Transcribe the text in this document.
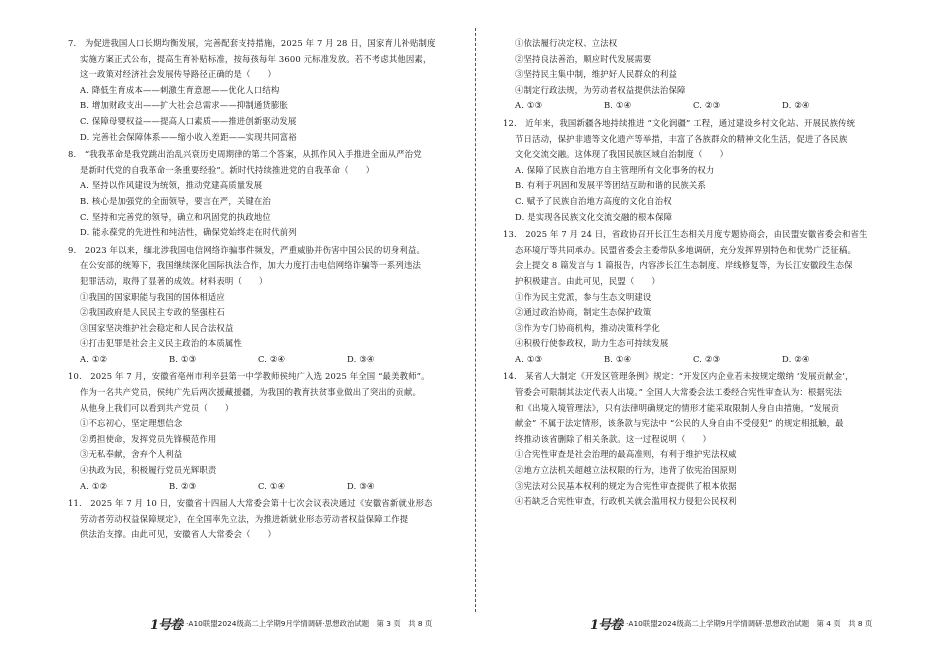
7.　为促进我国人口长期均衡发展，完善配套支持措施，2025 年 7 月 28 日，国家育儿补贴制度

实施方案正式公布，提高生育补贴标准，按每孩每年 3600 元标准发放。若不考虑其他因素，

这一政策对经济社会发展传导路径正确的是（　　）

A. 降低生育成本——刺激生育意愿——优化人口结构

B. 增加财政支出——扩大社会总需求——抑制通货膨胀

C. 保障母婴权益——提高人口素质——推进创新驱动发展

D. 完善社会保障体系——缩小收入差距——实现共同富裕

8.　“我我革命是我党跳出治乱兴衰历史周期律的第二个答案，从抓作风入手推进全面从严治党

是新时代党的自我革命一条重要经验”。新时代持续推进党的自我革命（　　）

A. 坚持以作风建设为统领，推动党建高质量发展

B. 核心是加强党的全面领导，要言在严，关键在治

C. 坚持和完善党的领导，确立和巩固党的执政地位

D. 能永葆党的先进性和纯洁性，确保党始终走在时代前列

9.　2023 年以来，缅北涉我国电信网络诈骗事件频发，严重威胁并伤害中国公民的切身利益。

在公安部的统筹下，我国继续深化国际执法合作，加大力度打击电信网络诈骗等一系列违法

犯罪活动，取得了显著的成效。材料表明（　　）

①我国的国家职能与我国的国体相适应

②我国政府是人民民主专政的坚强柱石

③国家坚决维护社会稳定和人民合法权益

④打击犯罪是社会主义民主政治的本质属性

A. ①②	B. ①③	C. ②④	D. ③④

10.　2025 年 7 月，安徽省亳州市利辛县第一中学教师侯纯广入选 2025 年全国 “最美教师”。

作为一名共产党员，侯纯广先后两次援藏援疆，为我国的教育扶贫事业做出了突出的贡献。

从他身上我们可以看到共产党员（　　）

①不忘初心，坚定理想信念

②勇担使命，发挥党员先锋模范作用

③无私奉献，舍弃个人利益

④执政为民，积极履行党员光辉职责

A. ①②	B. ②③	C. ①④	D. ③④

11.　2025 年 7 月 10 日，安徽省十四届人大常委会第十七次会议表决通过《安徽省新就业形态

劳动者劳动权益保障规定》，在全国率先立法，为推进新就业形态劳动者权益保障工作提

供法治支撑。由此可见，安徽省人大常委会（　　）

①依法履行决定权、立法权

②坚持良法善治，顺应时代发展需要

③坚持民主集中制，维护好人民群众的利益

④制定行政法规，为劳动者权益提供法治保障

A. ①③	B. ①④	C. ②③	D. ②④

12.　近年来，我国新疆各地持续推进 “文化润疆” 工程，通过建设乡村文化站、开展民族传统

节日活动，保护非遗等文化遗产等举措，丰富了各族群众的精神文化生活，促进了各民族

文化交流交融。这体现了我国民族区域自治制度（　　）

A. 保障了民族自治地方自主管理所有文化事务的权力

B. 有利于巩固和发展平等团结互助和谐的民族关系

C. 赋予了民族自治地方高度的文化自治权

D. 是实现各民族文化交流交融的根本保障

13.　2025 年 7 月 24 日，省政协召开长江生态相关月度专题协商会，由民盟安徽省委会和省生

态环境厅等共同承办。民盟省委会主委带队多地调研，充分发挥界别特色和优势广泛征稿。

会上提交 8 篇发言与 1 篇报告，内容涉长江生态制度、岸线修复等，为长江安徽段生态保

护积极建言。由此可见，民盟（　　）

①作为民主党派，参与生态文明建设

②通过政治协商，制定生态保护政策

③作为专门协商机构，推动决策科学化

④积极行使参政权，助力生态可持续发展

A. ①③	B. ①④	C. ②③	D. ②④

14.　某省人大制定《开发区管理条例》规定：“开发区内企业若未按规定缴纳 ‘发展贡献金’，

管委会可限制其法定代表人出境。” 全国人大常委会法工委经合宪性审查认为：根据宪法

和《出境入境管理法》，只有法律明确规定的情形才能采取限制人身自由措施，“发展贡

献金” 不属于法定情形，该条款与宪法中 “公民的人身自由不受侵犯” 的规定相抵触，最

终推动该省删除了相关条款。这一过程说明（　　）

①合宪性审查是社会治理的最高准则，有利于维护宪法权威

②地方立法机关超越立法权限的行为，违背了依宪治国原则

③宪法对公民基本权利的规定为合宪性审查提供了根本依据

④若缺乏合宪性审查，行政机关就会滥用权力侵犯公民权利

1号卷 ·A10联盟2024级高二上学期9月学情调研·思想政治试题　第 3 页　共 8 页	1号卷 ·A10联盟2024级高二上学期9月学情调研·思想政治试题　第 4 页　共 8 页
